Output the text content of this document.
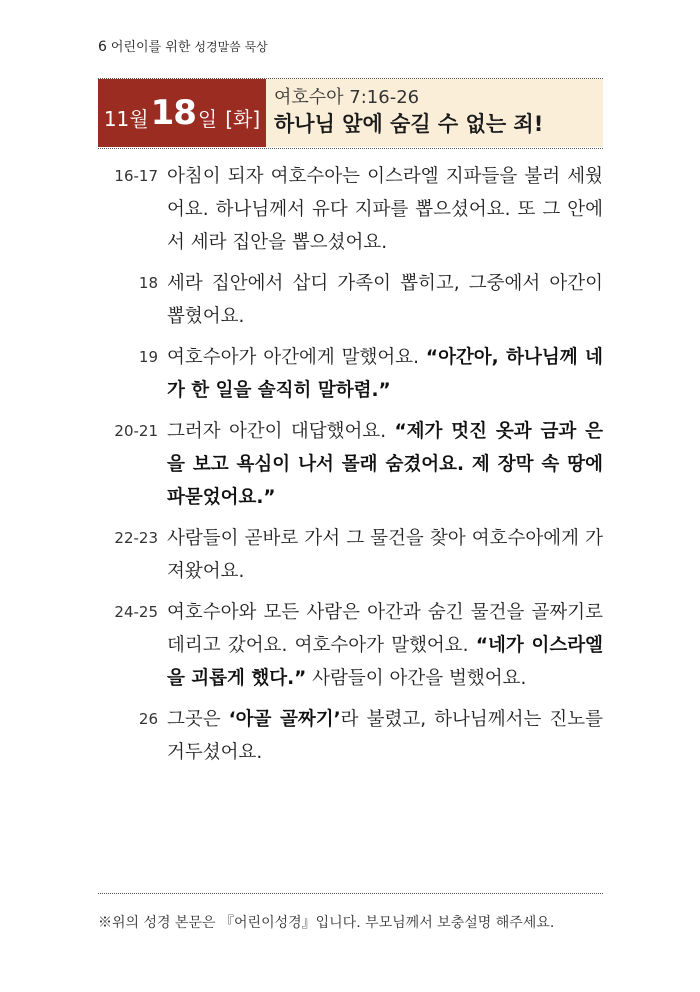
6 어린이를 위한 성경말씀 묵상
11월 18 일 [화]
여호수아 7:16-26
하나님 앞에 숨길 수 없는 죄!
16-17 아침이 되자 여호수아는 이스라엘 지파들을 불러 세웠어요. 하나님께서 유다 지파를 뽑으셨어요. 또 그 안에서 세라 집안을 뽑으셨어요.
18 세라 집안에서 삽디 가족이 뽑히고, 그중에서 아간이 뽑혔어요.
19 여호수아가 아간에게 말했어요. “아간아, 하나님께 네가 한 일을 솔직히 말하렴.”
20-21 그러자 아간이 대답했어요. “제가 멋진 옷과 금과 은을 보고 욕심이 나서 몰래 숨겼어요. 제 장막 속 땅에 파묻었어요.”
22-23 사람들이 곧바로 가서 그 물건을 찾아 여호수아에게 가져왔어요.
24-25 여호수아와 모든 사람은 아간과 숨긴 물건을 골짜기로 데리고 갔어요. 여호수아가 말했어요. “네가 이스라엘을 괴롭게 했다.” 사람들이 아간을 벌했어요.
26 그곳은 ‘아골 골짜기’라 불렸고, 하나님께서는 진노를 거두셨어요.
※위의 성경 본문은 『어린이성경』입니다. 부모님께서 보충설명 해주세요.
